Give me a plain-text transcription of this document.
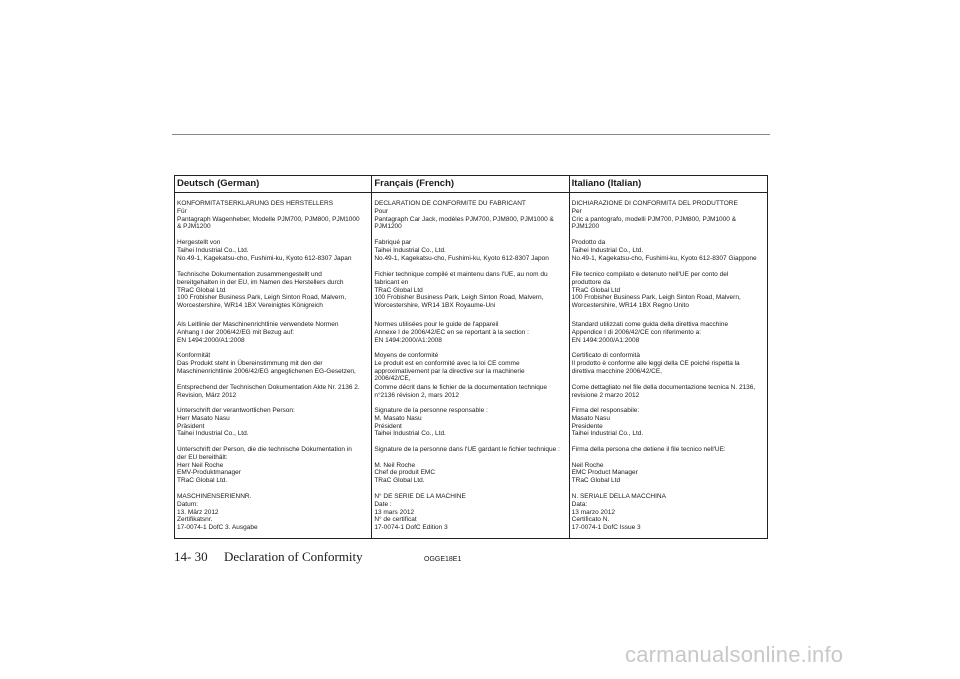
Deutsch (German)
KONFORMITÄTSERKLÄRUNG DES HERSTELLERS
Für
Pantagraph Wagenheber, Modelle PJM700, PJM800, PJM1000
& PJM1200
Hergestellt von
Taihei Industrial Co., Ltd.
No.49-1, Kagekatsu-cho, Fushimi-ku, Kyoto 612-8307 Japan
Technische Dokumentation zusammengestellt und
bereitgehalten in der EU, im Namen des Herstellers durch
TRaC Global Ltd
100 Frobisher Business Park, Leigh Sinton Road, Malvern,
Worcestershire, WR14 1BX Vereinigtes Königreich
Als Leitlinie der Maschinenrichtlinie verwendete Normen
Anhang I der 2006/42/EG mit Bezug auf:
EN 1494:2000/A1:2008
Konformität
Das Produkt steht in Übereinstimmung mit den der
Maschinenrichtlinie 2006/42/EG angeglichenen EG-Gesetzen,
Entsprechend der Technischen Dokumentation Akte Nr. 2136 2.
Revision, März 2012
Unterschrift der verantwortlichen Person:
Herr Masato Nasu
Präsident
Taihei Industrial Co., Ltd.
Unterschrift der Person, die die technische Dokumentation in
der EU bereithält:
Herr Neil Roche
EMV-Produktmanager
TRaC Global Ltd.
MASCHINENSERIENNR.
Datum:
13. März 2012
Zertifikatsnr.
17-0074-1 DofC 3. Ausgabe
Français (French)
DECLARATION DE CONFORMITE DU FABRICANT
Pour
Pantagraph Car Jack, modèles PJM700, PJM800, PJM1000 &
PJM1200
Fabriqué par
Taihei Industrial Co., Ltd.
No.49-1, Kagekatsu-cho, Fushimi-ku, Kyoto 612-8307 Japon
Fichier technique compilé et maintenu dans l'UE, au nom du
fabricant en
TRaC Global Ltd
100 Frobisher Business Park, Leigh Sinton Road, Malvern,
Worcestershire, WR14 1BX Royaume-Uni
Normes utilisées pour le guide de l'appareil
Annexe I de 2006/42/EC en se reportant à la section :
EN 1494:2000/A1:2008
Moyens de conformité
Le produit est en conformité avec la loi CE comme
approximativement par la directive sur la machinerie
2006/42/CE,
Comme décrit dans le fichier de la documentation technique
n°2136 révision 2, mars 2012
Signature de la personne responsable :
M. Masato Nasu
Président
Taihei Industrial Co., Ltd.
Signature de la personne dans l'UE gardant le fichier technique :

M. Neil Roche
Chef de produit EMC
TRaC Global Ltd.
N° DE SERIE DE LA MACHINE
Date :
13 mars 2012
N° de certificat
17-0074-1 DofC Edition 3
Italiano (Italian)
DICHIARAZIONE DI CONFORMITÀ DEL PRODUTTORE
Per
Cric a pantografo, modelli PJM700, PJM800, PJM1000 &
PJM1200
Prodotto da
Taihei Industrial Co., Ltd.
No.49-1, Kagekatsu-cho, Fushimi-ku, Kyoto 612-8307 Giappone
File tecnico compilato e detenuto nell'UE per conto del
produttore da
TRaC Global Ltd
100 Frobisher Business Park, Leigh Sinton Road, Malvern,
Worcestershire, WR14 1BX Regno Unito
Standard utilizzati come guida della direttiva macchine
Appendice I di 2006/42/CE con riferimento a:
EN 1494:2000/A1:2008
Certificato di conformità
Il prodotto è conforme alle leggi della CE poiché rispetta la
direttiva macchine 2006/42/CE,
Come dettagliato nel file della documentazione tecnica N. 2136,
revisione 2 marzo 2012
Firma del responsabile:
Masato Nasu
Presidente
Taihei Industrial Co., Ltd.
Firma della persona che detiene il file tecnico nell'UE:

Neil Roche
EMC Product Manager
TRaC Global Ltd
N. SERIALE DELLA MACCHINA
Data:
13 marzo 2012
Certificato N.
17-0074-1 DofC Issue 3
14- 30 Declaration of Conformity	OGGE18E1
carmanualsonline.info
